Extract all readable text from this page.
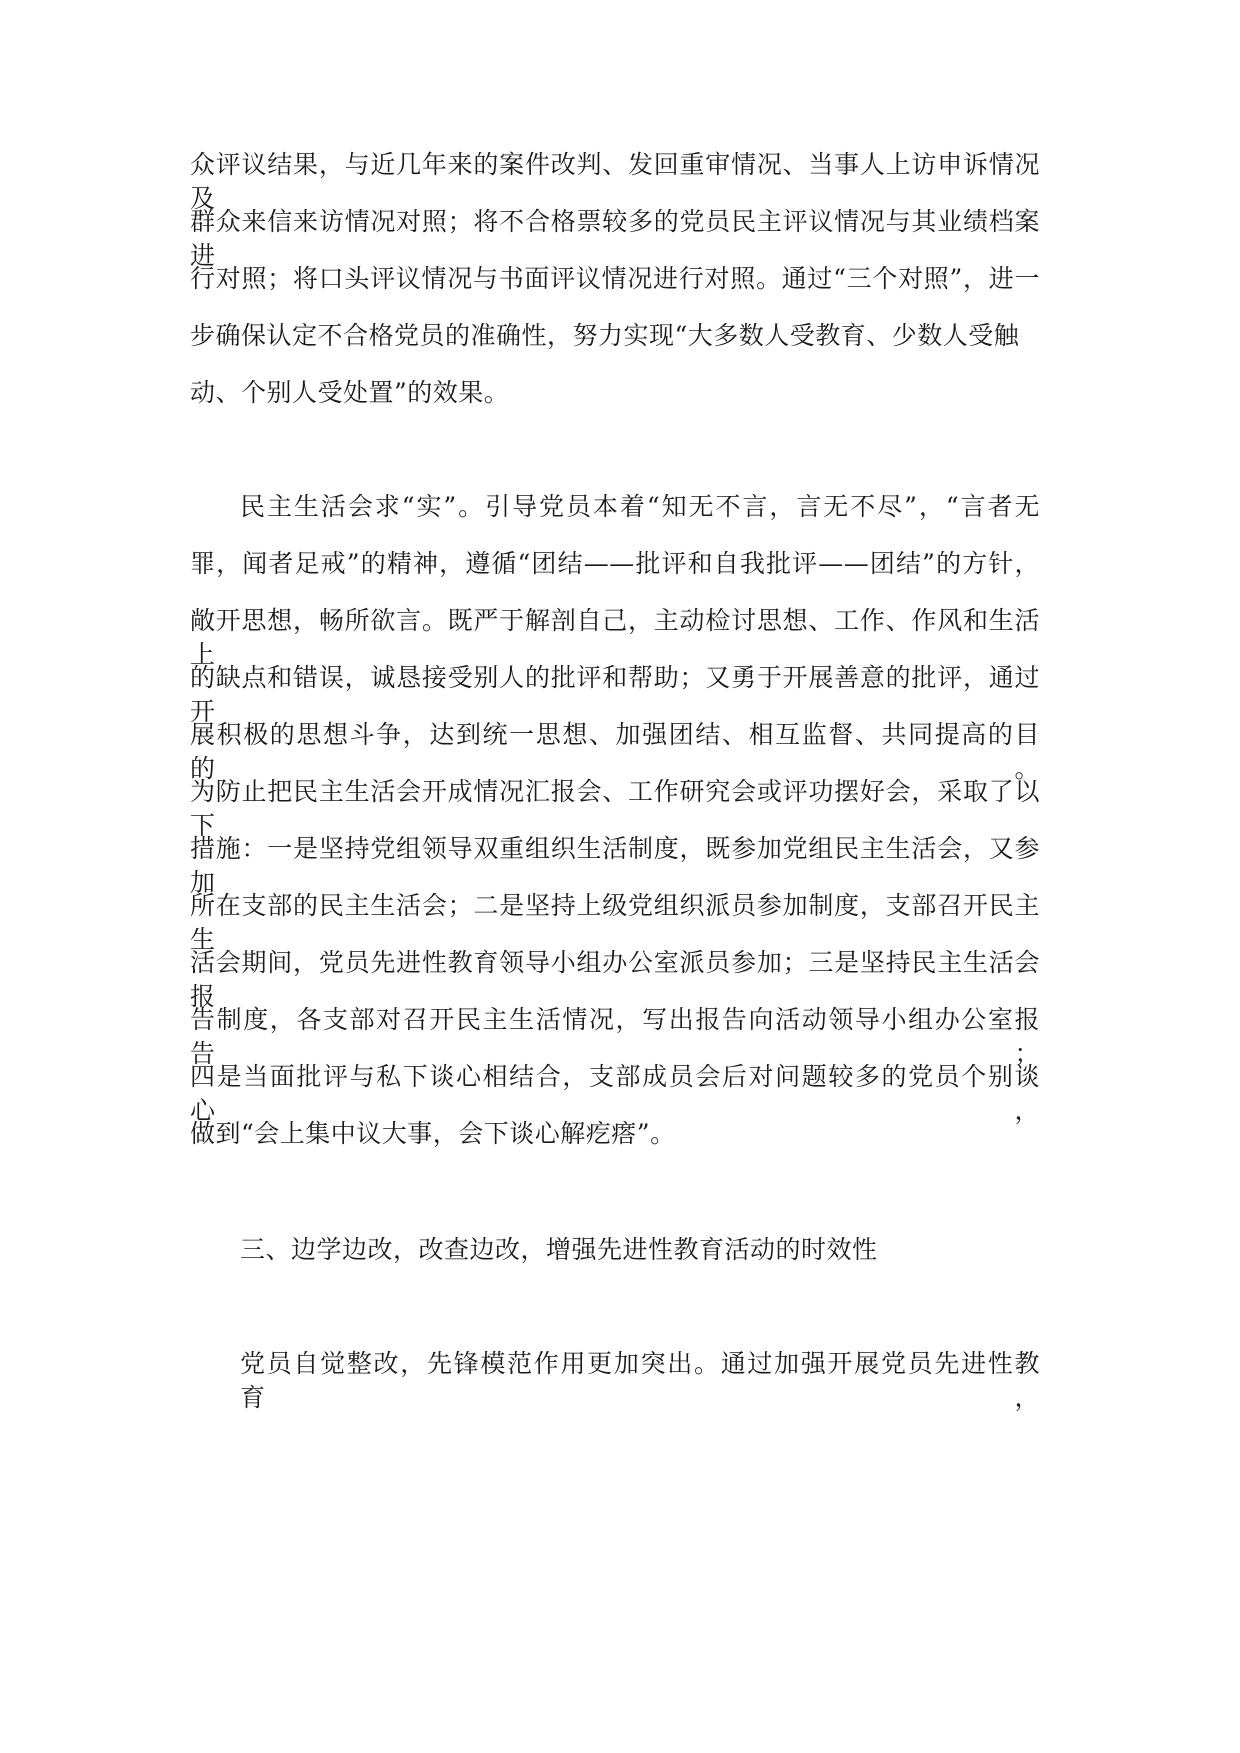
众评议结果，与近几年来的案件改判、发回重审情况、当事人上访申诉情况及
群众来信来访情况对照；将不合格票较多的党员民主评议情况与其业绩档案进
行对照；将口头评议情况与书面评议情况进行对照。通过“三个对照”，进一
步确保认定不合格党员的准确性，努力实现“大多数人受教育、少数人受触
动、个别人受处置”的效果。
民主生活会求“实”。引导党员本着“知无不言，言无不尽”，“言者无
罪，闻者足戒”的精神，遵循“团结——批评和自我批评——团结”的方针，
敞开思想，畅所欲言。既严于解剖自己，主动检讨思想、工作、作风和生活上
的缺点和错误，诚恳接受别人的批评和帮助；又勇于开展善意的批评，通过开
展积极的思想斗争，达到统一思想、加强团结、相互监督、共同提高的目的。
为防止把民主生活会开成情况汇报会、工作研究会或评功摆好会，采取了以下
措施：一是坚持党组领导双重组织生活制度，既参加党组民主生活会，又参加
所在支部的民主生活会；二是坚持上级党组织派员参加制度，支部召开民主生
活会期间，党员先进性教育领导小组办公室派员参加；三是坚持民主生活会报
告制度，各支部对召开民主生活情况，写出报告向活动领导小组办公室报告；
四是当面批评与私下谈心相结合，支部成员会后对问题较多的党员个别谈心，
做到“会上集中议大事，会下谈心解疙瘩”。
三、边学边改，改查边改，增强先进性教育活动的时效性
党员自觉整改，先锋模范作用更加突出。通过加强开展党员先进性教育，
